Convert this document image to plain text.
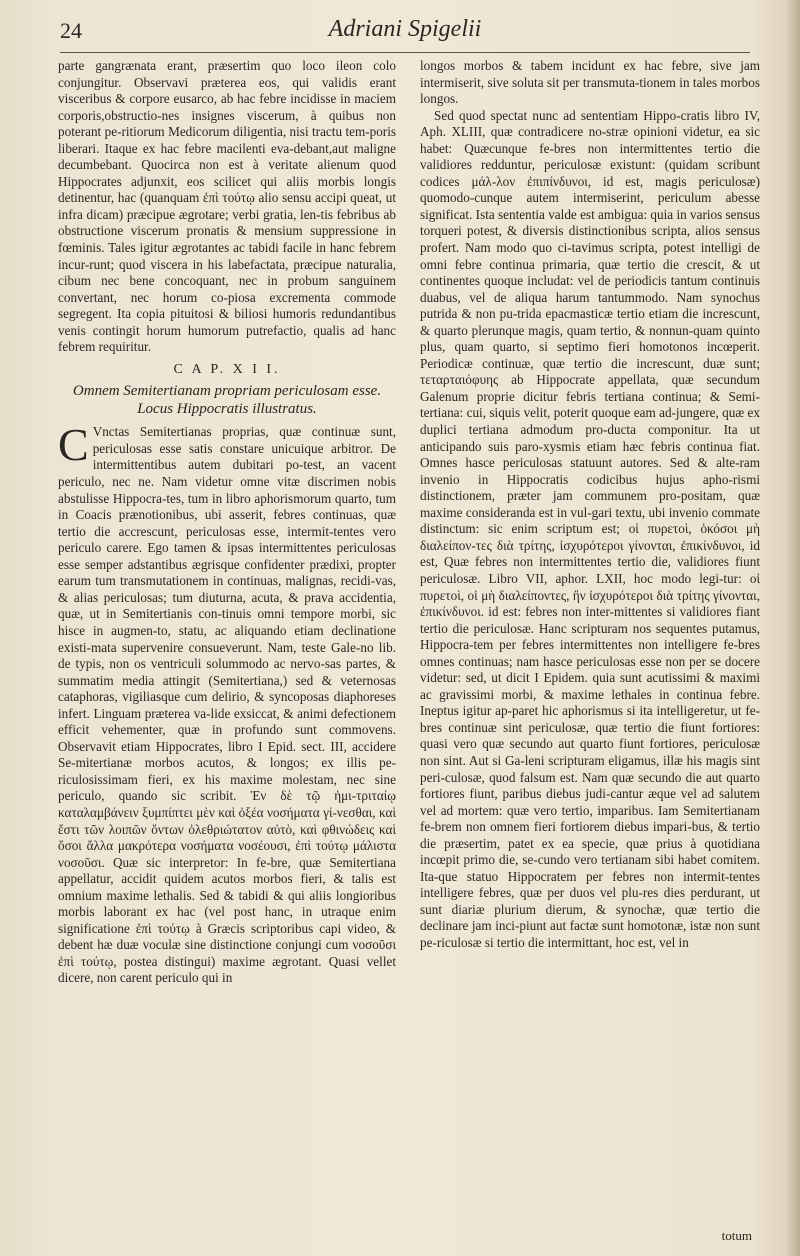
24	Adriani Spigelii

parte gangrænata erant, præsertim quo loco ileon colo conjungitur. Observavi præterea eos, qui validis erant visceribus & corpore eusarco, ab hac febre incidisse in maciem corporis,obstructio-nes insignes viscerum, à quibus non poterant pe-ritiorum Medicorum diligentia, nisi tractu tem-poris liberari. Itaque ex hac febre macilenti eva-debant,aut maligne decumbebant. Quocirca non est à veritate alienum quod Hippocrates adjunxit, eos scilicet qui aliis morbis longis detinentur, hac (quanquam ἐπὶ τούτῳ alio sensu accipi queat, ut infra dicam) præcipue ægrotare; verbi gratia, len-tis febribus ab obstructione viscerum pronatis & mensium suppressione in fœminis. Tales igitur ægrotantes ac tabidi facile in hanc febrem incur-runt; quod viscera in his labefactata, præcipue naturalia, cibum nec bene concoquant, nec in probum sanguinem convertant, nec horum co-piosa excrementa commode segregent. Ita copia pituitosi & biliosi humoris redundantibus venis contingit horum humorum putrefactio, qualis ad hanc febrem requiritur.

C A P. X I I.
Omnem Semitertianam propriam periculosam esse.
Locus Hippocratis illustratus.

C Vnctas Semitertianas proprias, quæ continuæ sunt, periculosas esse satis constare unicuique arbitror. De intermittentibus autem dubitari po-test, an vacent periculo, nec ne. Nam videtur omne vitæ discrimen nobis abstulisse Hippocra-tes, tum in libro aphorismorum quarto, tum in Coacis prænotionibus, ubi asserit, febres continuas, quæ tertio die accrescunt, periculosas esse, intermit-tentes vero periculo carere. Ego tamen & ipsas intermittentes periculosas esse semper adstantibus ægrisque confidenter prædixi, propter earum tum transmutationem in continuas, malignas, recidi-vas, & alias periculosas; tum diuturna, acuta, & prava accidentia, quæ, ut in Semitertianis con-tinuis omni tempore morbi, sic hisce in augmen-to, statu, ac aliquando etiam declinatione existi-mata supervenire consueverunt. Nam, teste Gale-no lib. de typis, non os ventriculi solummodo ac nervo-sas partes, & summatim media attingit (Semitertiana,) sed & veternosas cataphoras, vigiliasque cum delirio, & syncoposas diaphoreses infert. Linguam præterea va-lide exsiccat, & animi defectionem efficit vehementer, quæ in profundo sunt commovens. Observavit etiam Hippocrates, libro I Epid. sect. III, accidere Se-mitertianæ morbos acutos, & longos; ex illis pe-riculosissimam fieri, ex his maxime molestam, nec sine periculo, quando sic scribit. Ἐν δὲ τῷ ἡμι-τριταίῳ καταλαμβάνειν ξυμπίπτει μὲν καὶ ὀξέα νοσήματα γί-νεσθαι, καὶ ἔστι τῶν λοιπῶν ὄντων ὀλεθριώτατον αὐτὸ, καὶ φθινώδεις καὶ ὅσοι ἄλλα μακρότερα νοσήματα νοσέουσι, ἐπὶ τούτῳ μάλιστα νοσοῦσι. Quæ sic interpretor: In fe-bre, quæ Semitertiana appellatur, accidit quidem acutos morbos fieri, & talis est omnium maxime lethalis. Sed & tabidi & qui aliis longioribus morbis laborant ex hac (vel post hanc, in utraque enim significatione ἐπὶ τούτῳ à Græcis scriptoribus capi video, & debent hæ duæ voculæ sine distinctione conjungi cum νοσοῦσι ἐπὶ τούτῳ, postea distingui) maxime ægrotant. Quasi vellet dicere, non carent periculo qui in

longos morbos & tabem incidunt ex hac febre, sive jam intermiserit, sive soluta sit per transmuta-tionem in tales morbos longos.

Sed quod spectat nunc ad sententiam Hippo-cratis libro IV, Aph. XLIII, quæ contradicere no-stræ opinioni videtur, ea sic habet: Quæcunque fe-bres non intermittentes tertio die validiores redduntur, periculosæ existunt: (quidam scribunt codices μάλ-λον ἐπιπίνδυνοι, id est, magis periculosæ) quomodo-cunque autem intermiserint, periculum abesse significat. Ista sententia valde est ambigua: quia in varios sensus torqueri potest, & diversis distinctionibus scripta, alios sensus profert. Nam modo quo ci-tavimus scripta, potest intelligi de omni febre continua primaria, quæ tertio die crescit, & ut continentes quoque includat: vel de periodicis tantum continuis duabus, vel de aliqua harum tantummodo. Nam synochus putrida & non pu-trida epacmasticæ tertio etiam die increscunt, & quarto plerunque magis, quam tertio, & nonnun-quam quinto plus, quam quarto, si septimo fieri homotonos incœperit. Periodicæ continuæ, quæ tertio die increscunt, duæ sunt; τεταρταιόφυης ab Hippocrate appellata, quæ secundum Galenum proprie dicitur febris tertiana continua; & Semi-tertiana: cui, siquis velit, poterit quoque eam ad-jungere, quæ ex duplici tertiana admodum pro-ducta componitur. Ita ut anticipando suis paro-xysmis etiam hæc febris continua fiat. Omnes hasce periculosas statuunt autores. Sed & alte-ram invenio in Hippocratis codicibus hujus apho-rismi distinctionem, præter jam communem pro-positam, quæ maxime consideranda est in vul-gari textu, ubi invenio commate distinctum: sic enim scriptum est; οἱ πυρετοὶ, ὁκόσοι μὴ διαλείπον-τες διὰ τρίτης, ἰσχυρότεροι γίνονται, ἐπικίνδυνοι, id est, Quæ febres non intermittentes tertio die, validiores fiunt periculosæ. Libro VII, aphor. LXII, hoc modo legi-tur: οἱ πυρετοὶ, οἱ μὴ διαλείποντες, ἢν ἰσχυρότεροι διὰ τρίτης γίνονται, ἐπικίνδυνοι. id est: febres non inter-mittentes si validiores fiant tertio die periculosæ. Hanc scripturam nos sequentes putamus, Hippocra-tem per febres intermittentes non intelligere fe-bres omnes continuas; nam hasce periculosas esse non per se docere videtur: sed, ut dicit I Epidem. quia sunt acutissimi & maximi ac gravissimi morbi, & maxime lethales in continua febre. Ineptus igitur ap-paret hic aphorismus si ita intelligeretur, ut fe-bres continuæ sint periculosæ, quæ tertio die fiunt fortiores: quasi vero quæ secundo aut quarto fiunt fortiores, periculosæ non sint. Aut si Ga-leni scripturam eligamus, illæ his magis sint peri-culosæ, quod falsum est. Nam quæ secundo die aut quarto fortiores fiunt, paribus diebus judi-cantur æque vel ad salutem vel ad mortem: quæ vero tertio, imparibus. Iam Semitertianam fe-brem non omnem fieri fortiorem diebus impari-bus, & tertio die præsertim, patet ex ea specie, quæ prius à quotidiana incœpit primo die, se-cundo vero tertianam sibi habet comitem. Ita-que statuo Hippocratem per febres non intermit-tentes intelligere febres, quæ per duos vel plu-res dies perdurant, ut sunt diariæ plurium dierum, & synochæ, quæ tertio die declinare jam inci-piunt aut factæ sunt homotonæ, istæ non sunt pe-riculosæ si tertio die intermittant, hoc est, vel in

totum
